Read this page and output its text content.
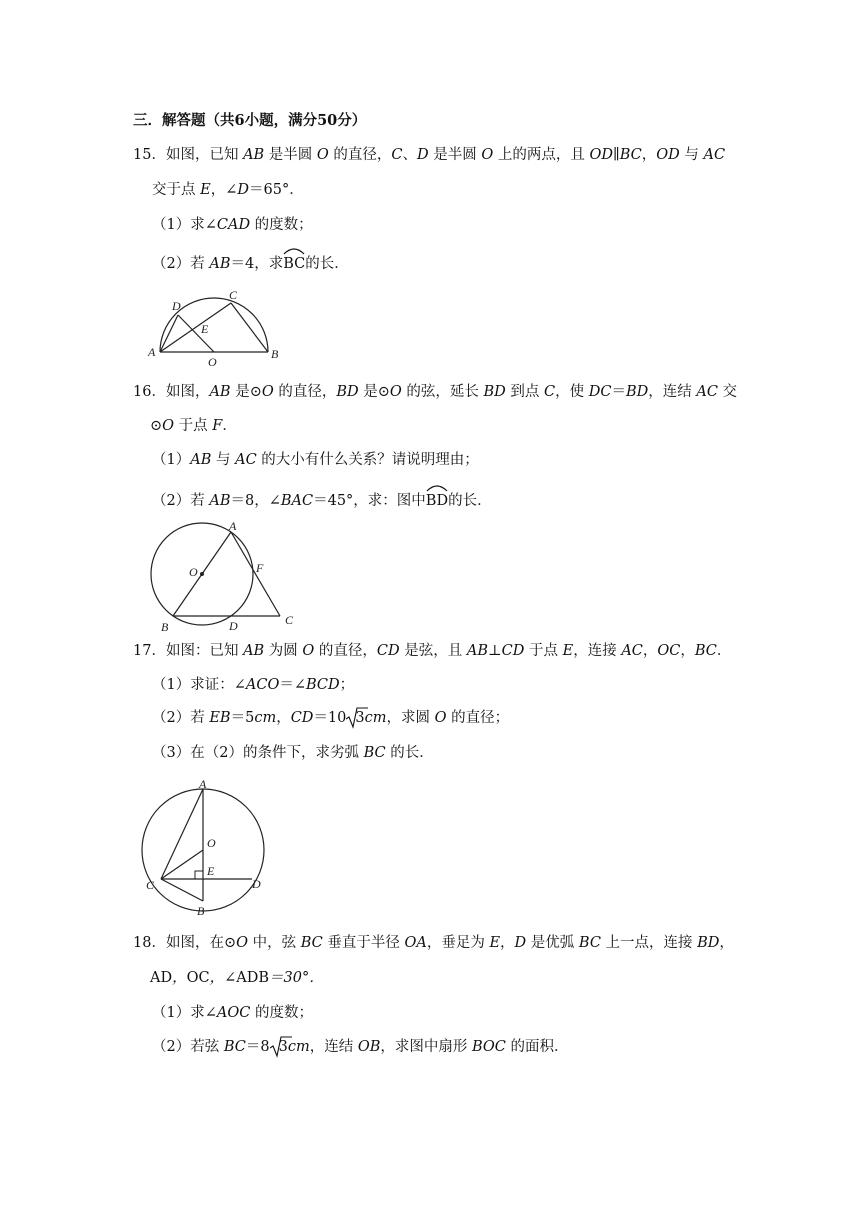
三．解答题（共6小题，满分50分）
15．如图，已知 AB 是半圆 O 的直径，C、D 是半圆 O 上的两点，且 OD∥BC，OD 与 AC
交于点 E，∠D＝65°．
（1）求∠CAD 的度数；
（2）若 AB＝4，求
BC的长．
A	B
C
D
E
O
16．如图，AB 是⊙O 的直径，BD 是⊙O 的弦，延长 BD 到点 C，使 DC＝BD，连结 AC 交
⊙O 于点 F．
（1）AB 与 AC 的大小有什么关系？请说明理由；
（2）若 AB＝8，∠BAC＝45°，求：图中
BD的长．
A
B	C
D
F
O
17．如图：已知 AB 为圆 O 的直径，CD 是弦，且 AB⊥CD 于点 E，连接 AC，OC，BC．
（1）求证：∠ACO＝∠BCD；
（2）若 EB＝5cm，CD＝10 3cm，求圆 O 的直径；
（3）在（2）的条件下，求劣弧 BC 的长．
A
B
C	D
E
O
18．如图，在⊙O 中，弦 BC 垂直于半径 OA，垂足为 E，D 是优弧 BC 上一点，连接 BD，
AD，OC，∠ADB＝30°．
（1）求∠AOC 的度数；
（2）若弦 BC＝8 3cm，连结 OB，求图中扇形 BOC 的面积．
